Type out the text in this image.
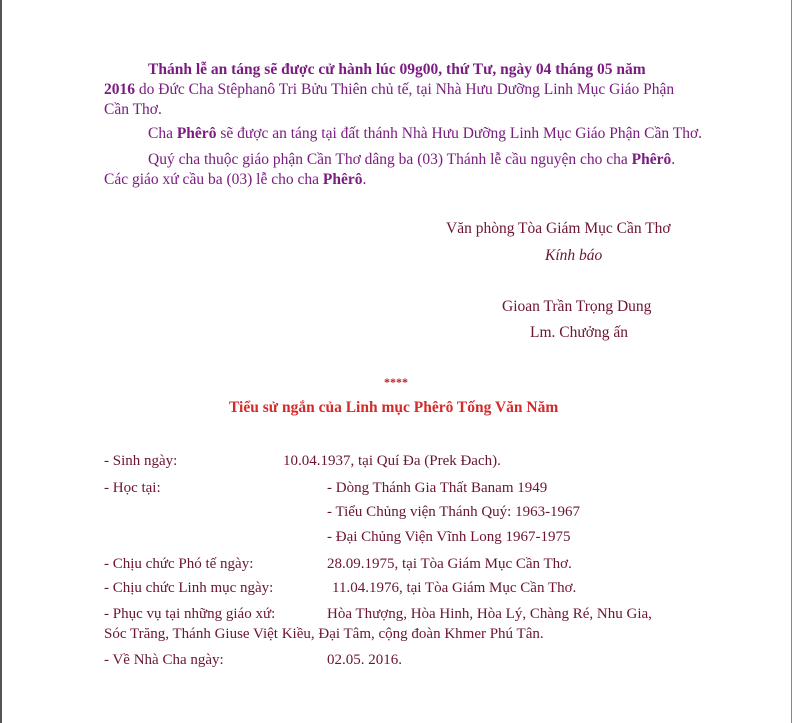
Thánh lễ an táng sẽ được cử hành lúc 09g00, thứ Tư, ngày 04 tháng 05 năm
2016 do Đức Cha Stêphanô Tri Bửu Thiên chủ tế, tại Nhà Hưu Dưỡng Linh Mục Giáo Phận
Cần Thơ.
Cha Phêrô sẽ được an táng tại đất thánh Nhà Hưu Dưỡng Linh Mục Giáo Phận Cần Thơ.
Quý cha thuộc giáo phận Cần Thơ dâng ba (03) Thánh lễ cầu nguyện cho cha Phêrô.
Các giáo xứ cầu ba (03) lễ cho cha Phêrô.
Văn phòng Tòa Giám Mục Cần Thơ
Kính báo
Gioan Trần Trọng Dung
Lm. Chưởng ấn
****
Tiểu sử ngắn của Linh mục Phêrô Tống Văn Năm
- Sinh ngày:	10.04.1937, tại Quí Đa (Prek Đach).
- Học tại:	- Dòng Thánh Gia Thất Banam 1949
- Tiểu Chủng viện Thánh Quý: 1963-1967
- Đại Chủng Viện Vĩnh Long 1967-1975
- Chịu chức Phó tế ngày:	28.09.1975, tại Tòa Giám Mục Cần Thơ.
- Chịu chức Linh mục ngày:	11.04.1976, tại Tòa Giám Mục Cần Thơ.
- Phục vụ tại những giáo xứ:	Hòa Thượng, Hòa Hinh, Hòa Lý, Chàng Ré, Nhu Gia,
Sóc Trăng, Thánh Giuse Việt Kiều, Đại Tâm, cộng đoàn Khmer Phú Tân.
- Về Nhà Cha ngày:	02.05. 2016.
